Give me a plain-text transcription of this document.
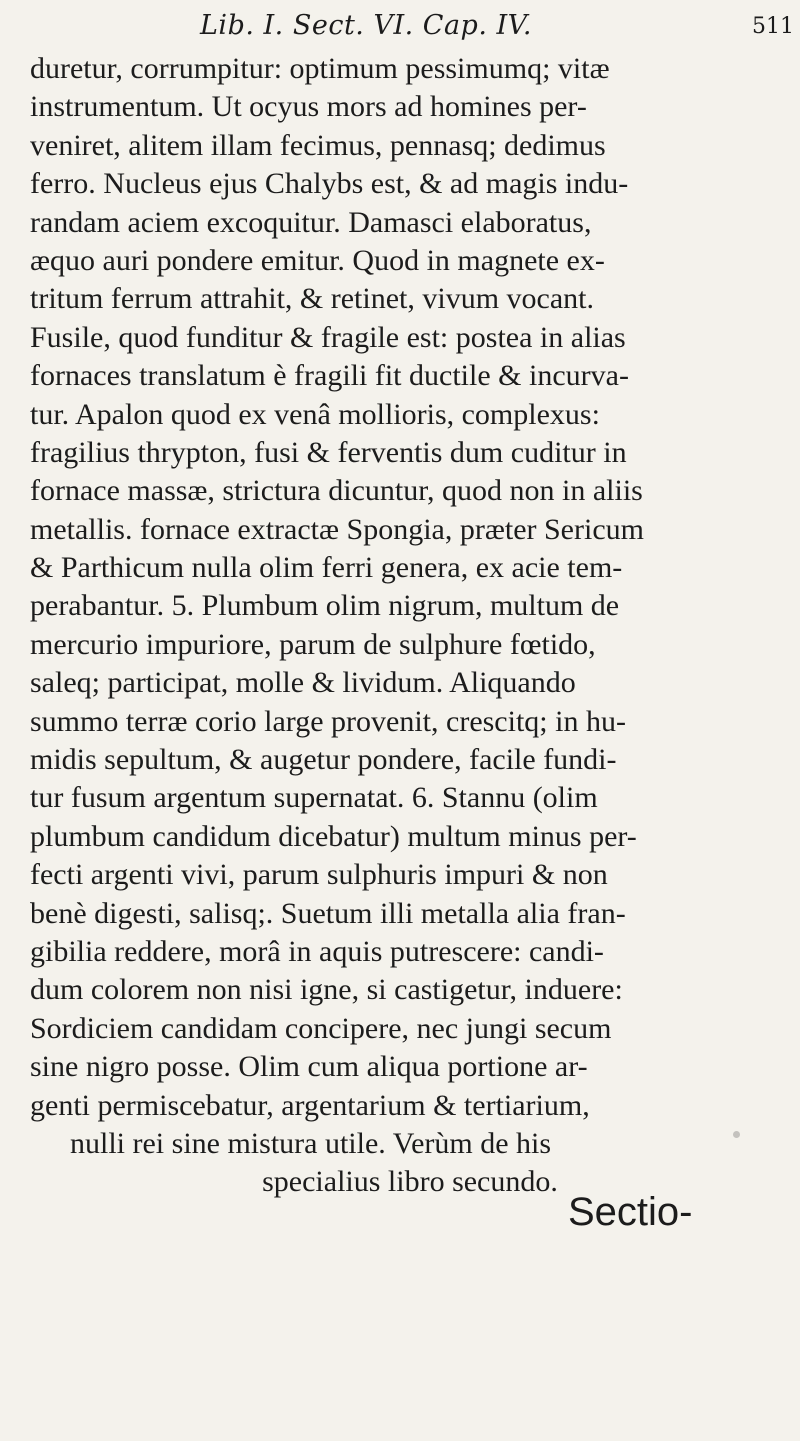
Lib. I. Sect. VI. Cap. IV.	511
duretur, corrumpitur: optimum pessimumq; vitæ
instrumentum. Ut ocyus mors ad homines per-
veniret, alitem illam fecimus, pennasq; dedimus
ferro. Nucleus ejus Chalybs est, & ad magis indu-
randam aciem excoquitur. Damasci elaboratus,
æquo auri pondere emitur. Quod in magnete ex-
tritum ferrum attrahit, & retinet, vivum vocant.
Fusile, quod funditur & fragile est: postea in alias
fornaces translatum è fragili fit ductile & incurva-
tur. Apalon quod ex venâ mollioris, complexus:
fragilius thrypton, fusi & ferventis dum cuditur in
fornace massæ, strictura dicuntur, quod non in aliis
metallis. fornace extractæ Spongia, præter Sericum
& Parthicum nulla olim ferri genera, ex acie tem-
perabantur. 5. Plumbum olim nigrum, multum de
mercurio impuriore, parum de sulphure fœtido,
saleq; participat, molle & lividum. Aliquando
summo terræ corio large provenit, crescitq; in hu-
midis sepultum, & augetur pondere, facile fundi-
tur fusum argentum supernatat. 6. Stannu (olim
plumbum candidum dicebatur) multum minus per-
fecti argenti vivi, parum sulphuris impuri & non
benè digesti, salisq;. Suetum illi metalla alia fran-
gibilia reddere, morâ in aquis putrescere: candi-
dum colorem non nisi igne, si castigetur, induere:
Sordiciem candidam concipere, nec jungi secum
sine nigro posse. Olim cum aliqua portione ar-
genti permiscebatur, argentarium & tertiarium,
nulli rei sine mistura utile. Verùm de his
specialius libro secundo.
Sectio-
